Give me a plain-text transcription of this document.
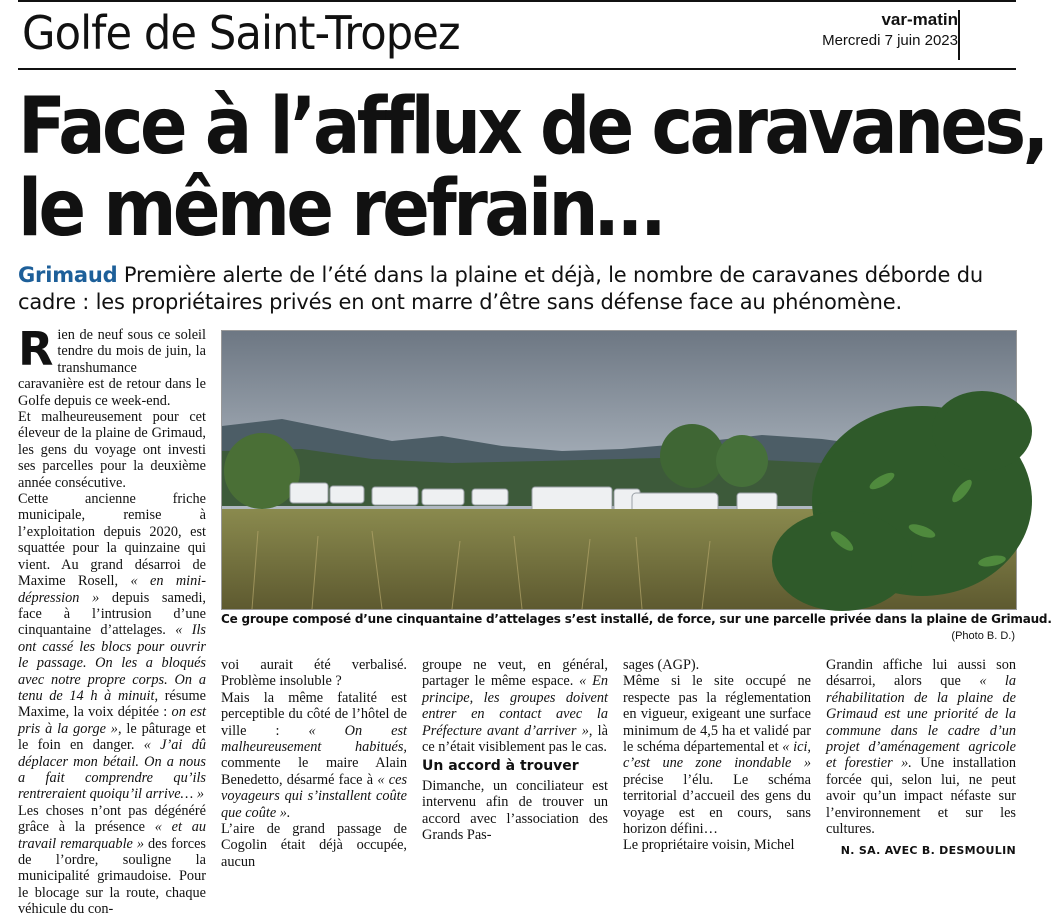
Golfe de Saint-Tropez	var-matin
Mercredi 7 juin 2023
Face à l’afflux de caravanes,
le même refrain…
Grimaud Première alerte de l’été dans la plaine et déjà, le nombre de caravanes déborde du cadre : les propriétaires privés en ont marre d’être sans défense face au phénomène.

Rien de neuf sous ce soleil tendre du mois de juin, la transhumance caravanière est de retour dans le Golfe depuis ce week-end.

Et malheureusement pour cet éleveur de la plaine de Grimaud, les gens du voyage ont investi ses parcelles pour la deuxième année consécutive.

Cette ancienne friche municipale, remise à l’exploitation depuis 2020, est squattée pour la quinzaine qui vient. Au grand désarroi de Maxime Rosell, « en mini-dépression » depuis samedi, face à l’intrusion d’une cinquantaine d’attelages. « Ils ont cassé les blocs pour ouvrir le passage. On les a bloqués avec notre propre corps. On a tenu de 14 h à minuit, résume Maxime, la voix dépitée : on est pris à la gorge », le pâturage et le foin en danger. « J’ai dû déplacer mon bétail. On a nous a fait comprendre qu’ils rentreraient quoiqu’il arrive… »

Les choses n’ont pas dégénéré grâce à la présence « et au travail remarquable » des forces de l’ordre, souligne la municipalité grimaudoise. Pour le blocage sur la route, chaque véhicule du con-

Ce groupe composé d’une cinquantaine d’attelages s’est installé, de force, sur une parcelle privée dans la plaine de Grimaud.
(Photo B. D.)

voi aurait été verbalisé. Problème insoluble ?

Mais la même fatalité est perceptible du côté de l’hôtel de ville : « On est malheureusement habitués, commente le maire Alain Benedetto, désarmé face à « ces voyageurs qui s’installent coûte que coûte ».

L’aire de grand passage de Cogolin était déjà occupée, aucun

groupe ne veut, en général, partager le même espace. « En principe, les groupes doivent entrer en contact avec la Préfecture avant d’arriver », là ce n’était visiblement pas le cas.

Un accord à trouver

Dimanche, un conciliateur est intervenu afin de trouver un accord avec l’association des Grands Pas-

sages (AGP).

Même si le site occupé ne respecte pas la réglementation en vigueur, exigeant une surface minimum de 4,5 ha et validé par le schéma départemental et « ici, c’est une zone inondable » précise l’élu. Le schéma territorial d’accueil des gens du voyage est en cours, sans horizon défini…

Le propriétaire voisin, Michel

Grandin affiche lui aussi son désarroi, alors que « la réhabilitation de la plaine de Grimaud est une priorité de la commune dans le cadre d’un projet d’aménagement agricole et forestier ». Une installation forcée qui, selon lui, ne peut avoir qu’un impact néfaste sur l’environnement et sur les cultures.

N. SA. AVEC B. DESMOULIN
